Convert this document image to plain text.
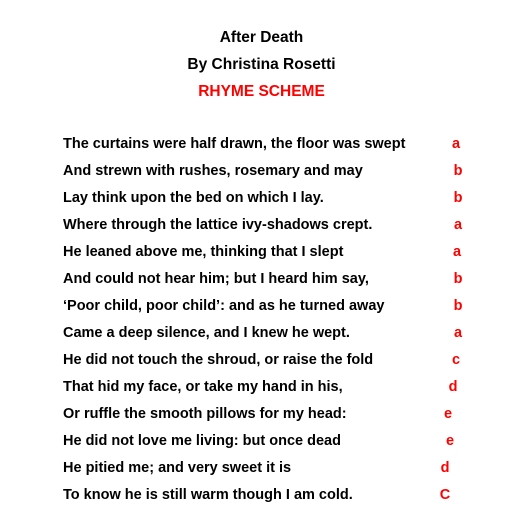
After Death
By Christina Rosetti
RHYME SCHEME
The curtains were half drawn, the floor was swept	a
And strewn with rushes, rosemary and may	b
Lay think upon the bed on which I lay.	b
Where through the lattice ivy-shadows crept.	a
He leaned above me, thinking that I slept	a
And could not hear him; but I heard him say,	b
‘Poor child, poor child’: and as he turned away	b
Came a deep silence, and I knew he wept.	a
He did not touch the shroud, or raise the fold	c
That hid my face, or take my hand in his,	d
Or ruffle the smooth pillows for my head:	e
He did not love me living: but once dead	e
He pitied me; and very sweet it is	d
To know he is still warm though I am cold.	C
